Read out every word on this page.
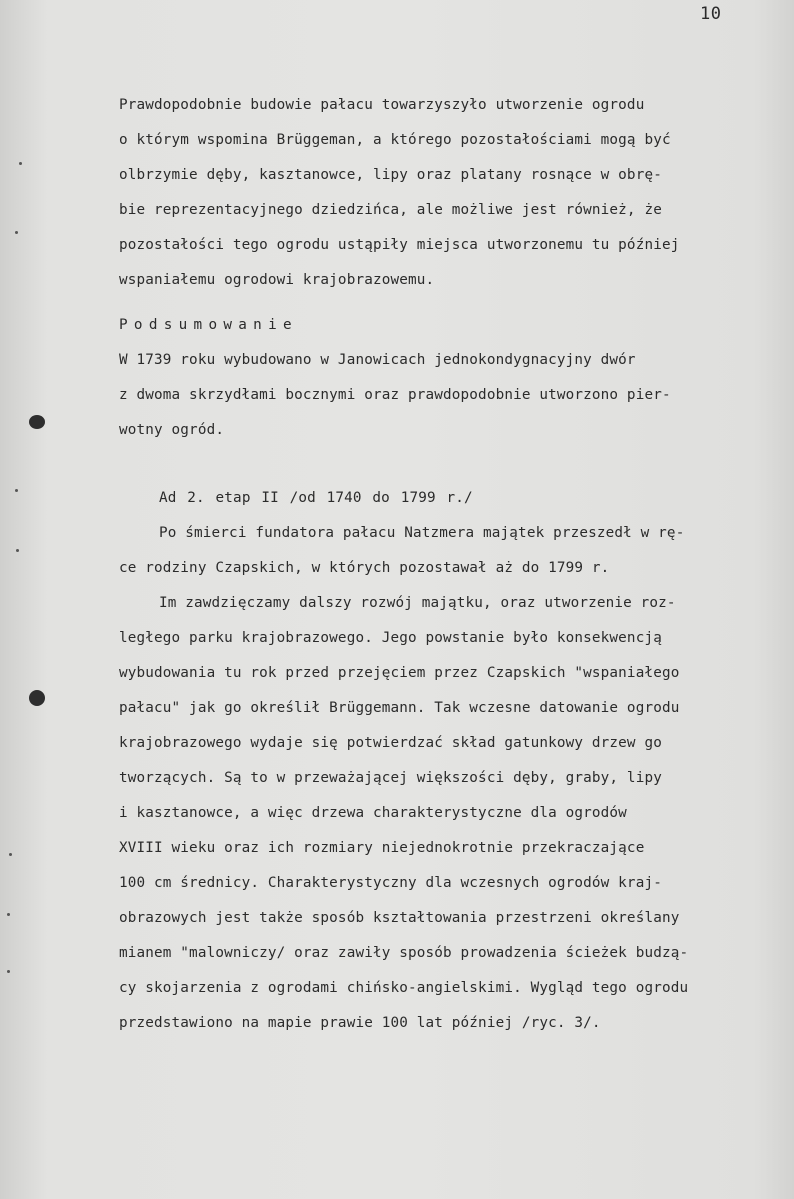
10
Prawdopodobnie budowie pałacu towarzyszyło utworzenie ogrodu
o którym wspomina Brüggeman, a którego pozostałościami mogą być
olbrzymie dęby, kasztanowce, lipy oraz platany rosnące w obrę-
bie reprezentacyjnego dziedzińca, ale możliwe jest również, że
pozostałości tego ogrodu ustąpiły miejsca utworzonemu tu później
wspaniałemu ogrodowi krajobrazowemu.
Podsumowanie
W 1739 roku wybudowano w Janowicach jednokondygnacyjny dwór
z dwoma skrzydłami bocznymi oraz prawdopodobnie utworzono pier-
wotny ogród.
Ad 2. etap II /od 1740 do 1799 r./
Po śmierci fundatora pałacu Natzmera majątek przeszedł w rę-
ce rodziny Czapskich, w których pozostawał aż do 1799 r.
Im zawdzięczamy dalszy rozwój majątku, oraz utworzenie roz-
ległego parku krajobrazowego. Jego powstanie było konsekwencją
wybudowania tu rok przed przejęciem przez Czapskich "wspaniałego
pałacu" jak go określił Brüggemann. Tak wczesne datowanie ogrodu
krajobrazowego wydaje się potwierdzać skład gatunkowy drzew go
tworzących. Są to w przeważającej większości dęby, graby, lipy
i kasztanowce, a więc drzewa charakterystyczne dla ogrodów
XVIII wieku oraz ich rozmiary niejednokrotnie przekraczające
100 cm średnicy. Charakterystyczny dla wczesnych ogrodów kraj-
obrazowych jest także sposób kształtowania przestrzeni określany
mianem "malowniczy/ oraz zawiły sposób prowadzenia ścieżek budzą-
cy skojarzenia z ogrodami chińsko-angielskimi. Wygląd tego ogrodu
przedstawiono na mapie prawie 100 lat później /ryc. 3/.
